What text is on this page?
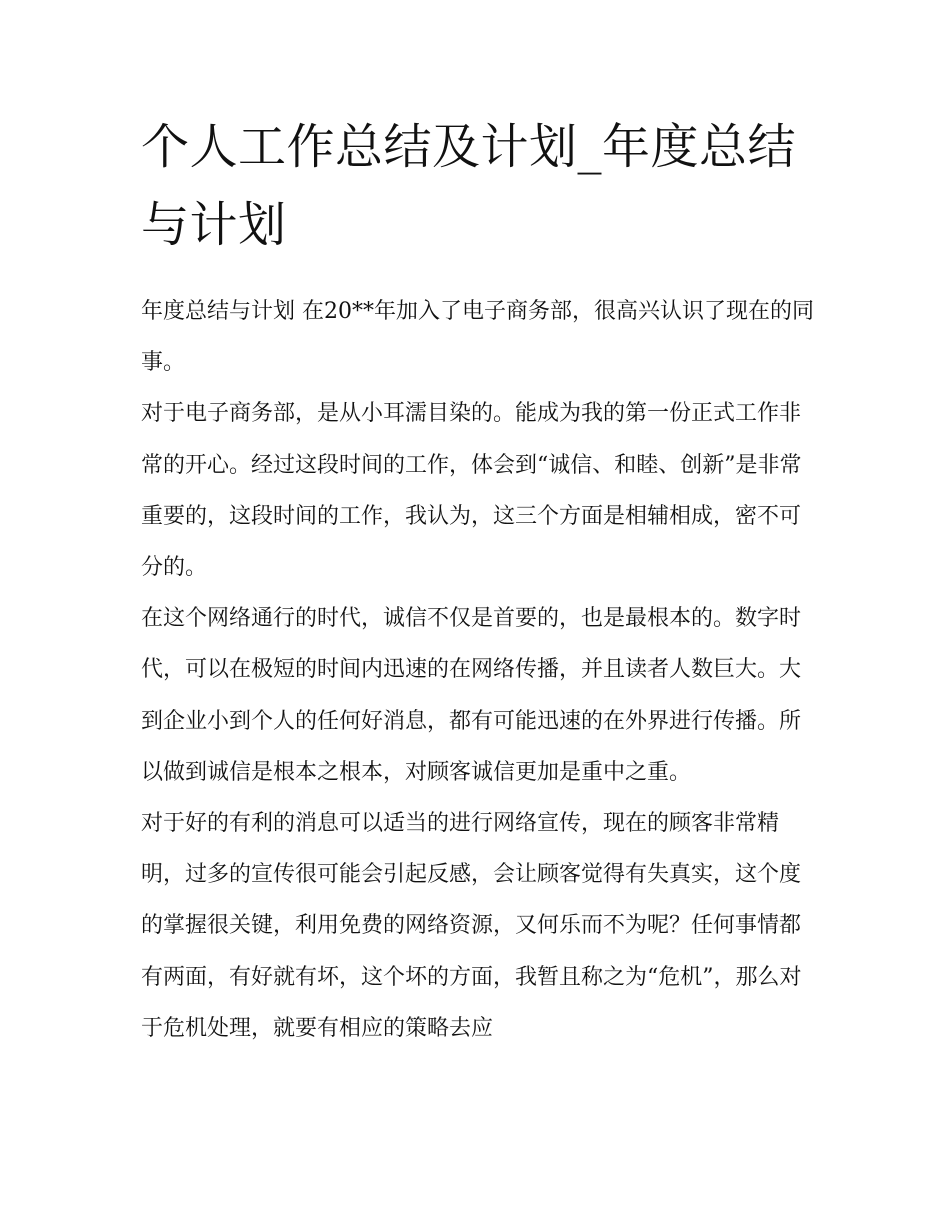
个人工作总结及计划_年度总结与计划

年度总结与计划 在20**年加入了电子商务部，很高兴认识了现在的同事。

对于电子商务部，是从小耳濡目染的。能成为我的第一份正式工作非常的开心。经过这段时间的工作，体会到“诚信、和睦、创新”是非常重要的，这段时间的工作，我认为，这三个方面是相辅相成，密不可分的。

在这个网络通行的时代，诚信不仅是首要的，也是最根本的。数字时代，可以在极短的时间内迅速的在网络传播，并且读者人数巨大。大到企业小到个人的任何好消息，都有可能迅速的在外界进行传播。所以做到诚信是根本之根本，对顾客诚信更加是重中之重。

对于好的有利的消息可以适当的进行网络宣传，现在的顾客非常精明，过多的宣传很可能会引起反感，会让顾客觉得有失真实，这个度的掌握很关键，利用免费的网络资源，又何乐而不为呢？任何事情都有两面，有好就有坏，这个坏的方面，我暂且称之为“危机”，那么对于危机处理，就要有相应的策略去应
